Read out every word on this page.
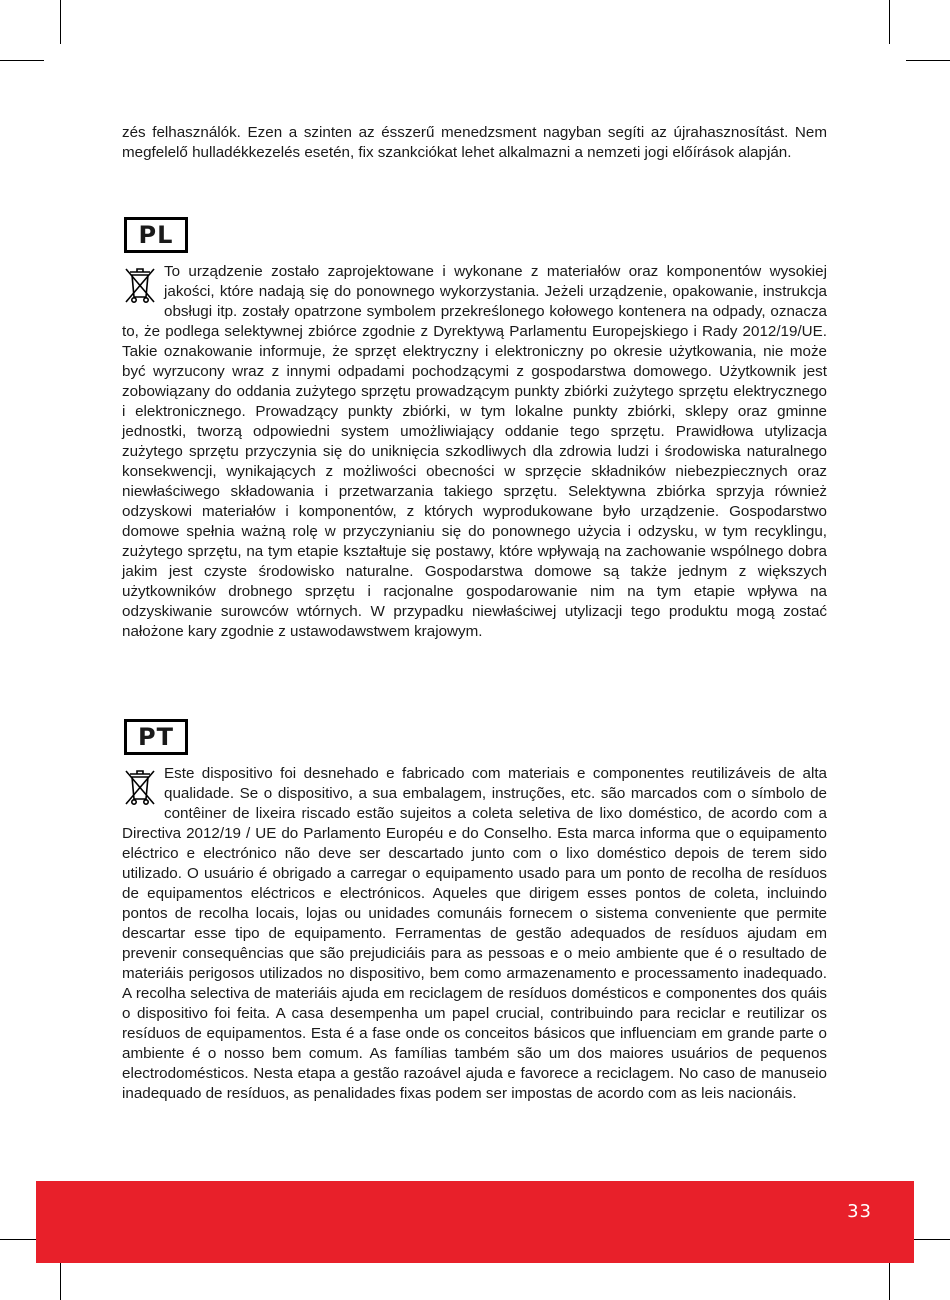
zés felhasználók. Ezen a szinten az ésszerű menedzsment nagyban segíti az újrahasznosítást. Nem megfelelő hulladékkezelés esetén, fix szankciókat lehet alkalmazni a nemzeti jogi előírások alapján.
PL

To urządzenie zostało zaprojektowane i wykonane z materiałów oraz komponentów wysokiej jakości, które nadają się do ponownego wykorzystania. Jeżeli urządzenie, opakowanie, instrukcja obsługi itp. zostały opatrzone symbolem przekreślonego kołowego kontenera na odpady, oznacza to, że podlega selektywnej zbiórce zgodnie z Dyrektywą Parlamentu Europejskiego i Rady 2012/19/UE. Takie oznakowanie informuje, że sprzęt elektryczny i elektroniczny po okresie użytkowania, nie może być wyrzucony wraz z innymi odpadami pochodzącymi z gospodarstwa domowego. Użytkownik jest zobowiązany do oddania zużytego sprzętu prowadzącym punkty zbiórki zużytego sprzętu elektrycznego i elektronicznego. Prowadzący punkty zbiórki, w tym lokalne punkty zbiórki, sklepy oraz gminne jednostki, tworzą odpowiedni system umożliwiający oddanie tego sprzętu. Prawidłowa utylizacja zużytego sprzętu przyczynia się do uniknięcia szkodliwych dla zdrowia ludzi i środowiska naturalnego konsekwencji, wynikających z możliwości obecności w sprzęcie składników niebezpiecznych oraz niewłaściwego składowania i przetwarzania takiego sprzętu. Selektywna zbiórka sprzyja również odzyskowi materiałów i komponentów, z których wyprodukowane było urządzenie. Gospodarstwo domowe spełnia ważną rolę w przyczynianiu się do ponownego użycia i odzysku, w tym recyklingu, zużytego sprzętu, na tym etapie kształtuje się postawy, które wpływają na zachowanie wspólnego dobra jakim jest czyste środowisko naturalne. Gospodarstwa domowe są także jednym z większych użytkowników drobnego sprzętu i racjonalne gospodarowanie nim na tym etapie wpływa na odzyskiwanie surowców wtórnych. W przypadku niewłaściwej utylizacji tego produktu mogą zostać nałożone kary zgodnie z ustawodawstwem krajowym.

PT

Este dispositivo foi desnehado e fabricado com materiais e componentes reutilizáveis de alta qualidade. Se o dispositivo, a sua embalagem, instruções, etc. são marcados com o símbolo de contêiner de lixeira riscado estão sujeitos a coleta seletiva de lixo doméstico, de acordo com a Directiva 2012/19 / UE do Parlamento Européu e do Conselho. Esta marca informa que o equipamento eléctrico e electrónico não deve ser descartado junto com o lixo doméstico depois de terem sido utilizado. O usuário é obrigado a carregar o equipamento usado para um ponto de recolha de resíduos de equipamentos eléctricos e electrónicos. Aqueles que dirigem esses pontos de coleta, incluindo pontos de recolha locais, lojas ou unidades comunáis fornecem o sistema conveniente que permite descartar esse tipo de equipamento. Ferramentas de gestão adequados de resíduos ajudam em prevenir consequências que são prejudiciáis para as pessoas e o meio ambiente que é o resultado de materiáis perigosos utilizados no dispositivo, bem como armazenamento e processamento inadequado. A recolha selectiva de materiáis ajuda em reciclagem de resíduos domésticos e componentes dos quáis o dispositivo foi feita. A casa desempenha um papel crucial, contribuindo para reciclar e reutilizar os resíduos de equipamentos. Esta é a fase onde os conceitos básicos que influenciam em grande parte o ambiente é o nosso bem comum. As famílias também são um dos maiores usuários de pequenos electrodomésticos. Nesta etapa a gestão razoável ajuda e favorece a reciclagem. No caso de manuseio inadequado de resíduos, as penalidades fixas podem ser impostas de acordo com as leis nacionáis.

33
